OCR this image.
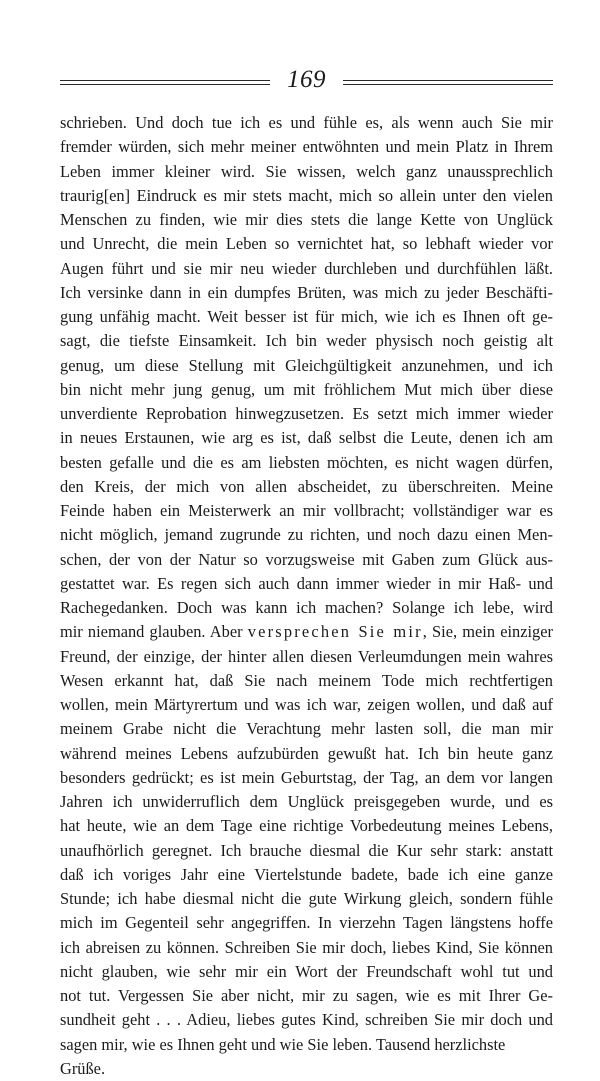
169
schrieben. Und doch tue ich es und fühle es, als wenn auch Sie mir
fremder würden, sich mehr meiner entwöhnten und mein Platz in Ihrem
Leben immer kleiner wird. Sie wissen, welch ganz unaussprechlich
traurig[en] Eindruck es mir stets macht, mich so allein unter den vielen
Menschen zu finden, wie mir dies stets die lange Kette von Unglück
und Unrecht, die mein Leben so vernichtet hat, so lebhaft wieder vor
Augen führt und sie mir neu wieder durchleben und durchfühlen läßt.
Ich versinke dann in ein dumpfes Brüten, was mich zu jeder Beschäfti-
gung unfähig macht. Weit besser ist für mich, wie ich es Ihnen oft ge-
sagt, die tiefste Einsamkeit. Ich bin weder physisch noch geistig alt
genug, um diese Stellung mit Gleichgültigkeit anzunehmen, und ich
bin nicht mehr jung genug, um mit fröhlichem Mut mich über diese
unverdiente Reprobation hinwegzusetzen. Es setzt mich immer wieder
in neues Erstaunen, wie arg es ist, daß selbst die Leute, denen ich am
besten gefalle und die es am liebsten möchten, es nicht wagen dürfen,
den Kreis, der mich von allen abscheidet, zu überschreiten. Meine
Feinde haben ein Meisterwerk an mir vollbracht; vollständiger war es
nicht möglich, jemand zugrunde zu richten, und noch dazu einen Men-
schen, der von der Natur so vorzugsweise mit Gaben zum Glück aus-
gestattet war. Es regen sich auch dann immer wieder in mir Haß- und
Rachegedanken. Doch was kann ich machen? Solange ich lebe, wird
mir niemand glauben. Aber versprechen Sie mir, Sie, mein einziger
Freund, der einzige, der hinter allen diesen Verleumdungen mein wahres
Wesen erkannt hat, daß Sie nach meinem Tode mich rechtfertigen
wollen, mein Märtyrertum und was ich war, zeigen wollen, und daß auf
meinem Grabe nicht die Verachtung mehr lasten soll, die man mir
während meines Lebens aufzubürden gewußt hat. Ich bin heute ganz
besonders gedrückt; es ist mein Geburtstag, der Tag, an dem vor langen
Jahren ich unwiderruflich dem Unglück preisgegeben wurde, und es
hat heute, wie an dem Tage eine richtige Vorbedeutung meines Lebens,
unaufhörlich geregnet. Ich brauche diesmal die Kur sehr stark: anstatt
daß ich voriges Jahr eine Viertelstunde badete, bade ich eine ganze
Stunde; ich habe diesmal nicht die gute Wirkung gleich, sondern fühle
mich im Gegenteil sehr angegriffen. In vierzehn Tagen längstens hoffe
ich abreisen zu können. Schreiben Sie mir doch, liebes Kind, Sie können
nicht glauben, wie sehr mir ein Wort der Freundschaft wohl tut und
not tut. Vergessen Sie aber nicht, mir zu sagen, wie es mit Ihrer Ge-
sundheit geht . . . Adieu, liebes gutes Kind, schreiben Sie mir doch und
sagen mir, wie es Ihnen geht und wie Sie leben. Tausend herzlichste
Grüße.
